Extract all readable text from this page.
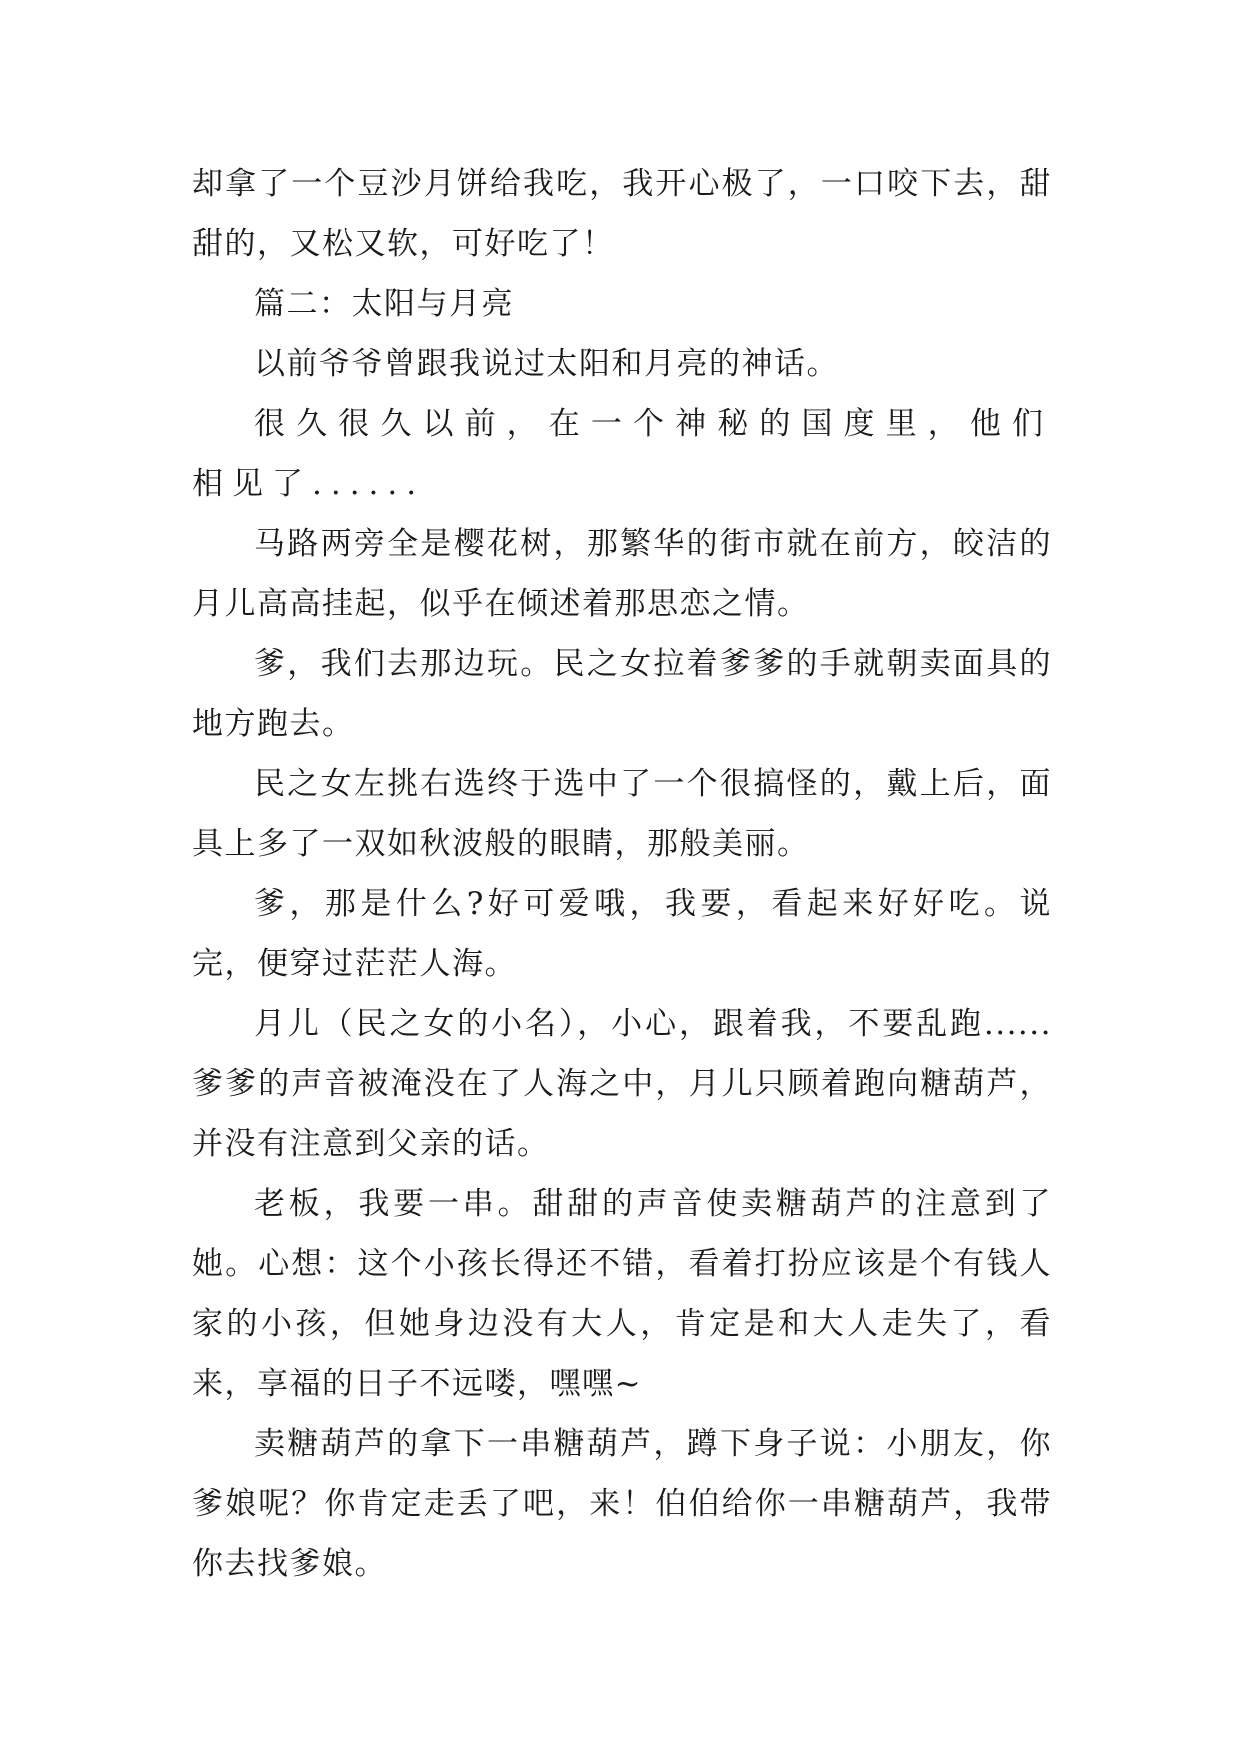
却拿了一个豆沙月饼给我吃，我开心极了，一口咬下去，甜甜的，又松又软，可好吃了！

篇二：太阳与月亮

以前爷爷曾跟我说过太阳和月亮的神话。

很久很久以前，在一个神秘的国度里，他们相见了......

马路两旁全是樱花树，那繁华的街市就在前方，皎洁的月儿高高挂起，似乎在倾述着那思恋之情。

爹，我们去那边玩。民之女拉着爹爹的手就朝卖面具的地方跑去。

民之女左挑右选终于选中了一个很搞怪的，戴上后，面具上多了一双如秋波般的眼睛，那般美丽。

爹，那是什么?好可爱哦，我要，看起来好好吃。说完，便穿过茫茫人海。

月儿（民之女的小名），小心，跟着我，不要乱跑......爹爹的声音被淹没在了人海之中，月儿只顾着跑向糖葫芦，并没有注意到父亲的话。

老板，我要一串。甜甜的声音使卖糖葫芦的注意到了她。心想：这个小孩长得还不错，看着打扮应该是个有钱人家的小孩，但她身边没有大人，肯定是和大人走失了，看来，享福的日子不远喽，嘿嘿~

卖糖葫芦的拿下一串糖葫芦，蹲下身子说：小朋友，你爹娘呢？你肯定走丢了吧，来！伯伯给你一串糖葫芦，我带你去找爹娘。
